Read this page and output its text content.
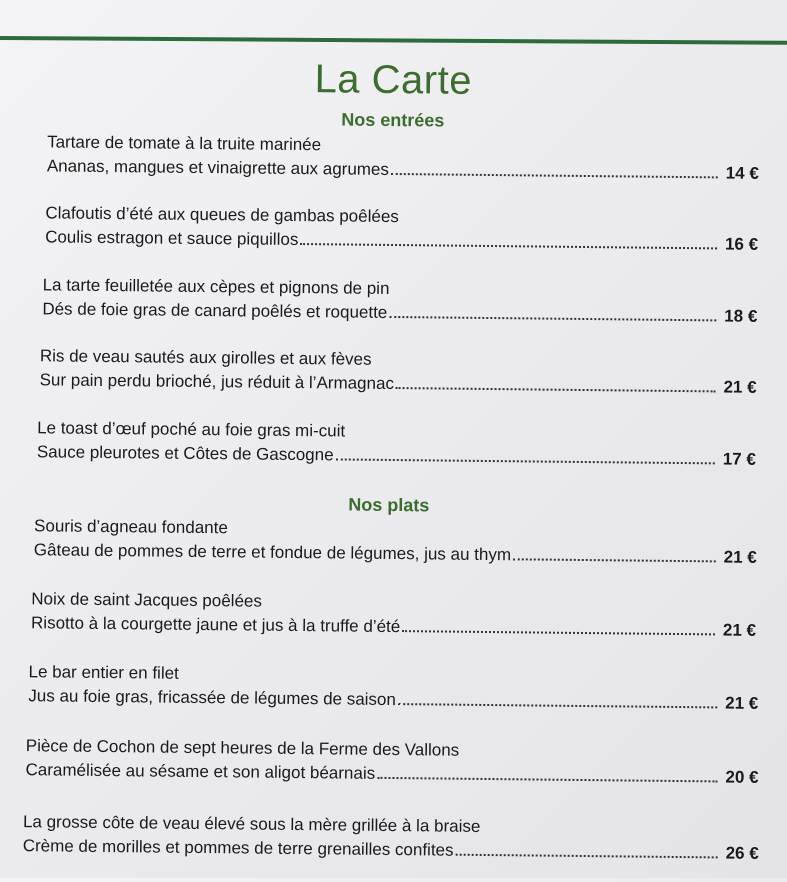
La Carte
Nos entrées
Tartare de tomate à la truite marinée
Ananas, mangues et vinaigrette aux agrumes	14 €
Clafoutis d’été aux queues de gambas poêlées
Coulis estragon et sauce piquillos	16 €
La tarte feuilletée aux cèpes et pignons de pin
Dés de foie gras de canard poêlés et roquette	18 €
Ris de veau sautés aux girolles et aux fèves
Sur pain perdu brioché, jus réduit à l’Armagnac	21 €
Le toast d’œuf poché au foie gras mi-cuit
Sauce pleurotes et Côtes de Gascogne	17 €
Nos plats
Souris d’agneau fondante
Gâteau de pommes de terre et fondue de légumes, jus au thym	21 €
Noix de saint Jacques poêlées
Risotto à la courgette jaune et jus à la truffe d’été	21 €
Le bar entier en filet
Jus au foie gras, fricassée de légumes de saison	21 €
Pièce de Cochon de sept heures de la Ferme des Vallons
Caramélisée au sésame et son aligot béarnais	20 €
La grosse côte de veau élevé sous la mère grillée à la braise
Crème de morilles et pommes de terre grenailles confites	26 €
